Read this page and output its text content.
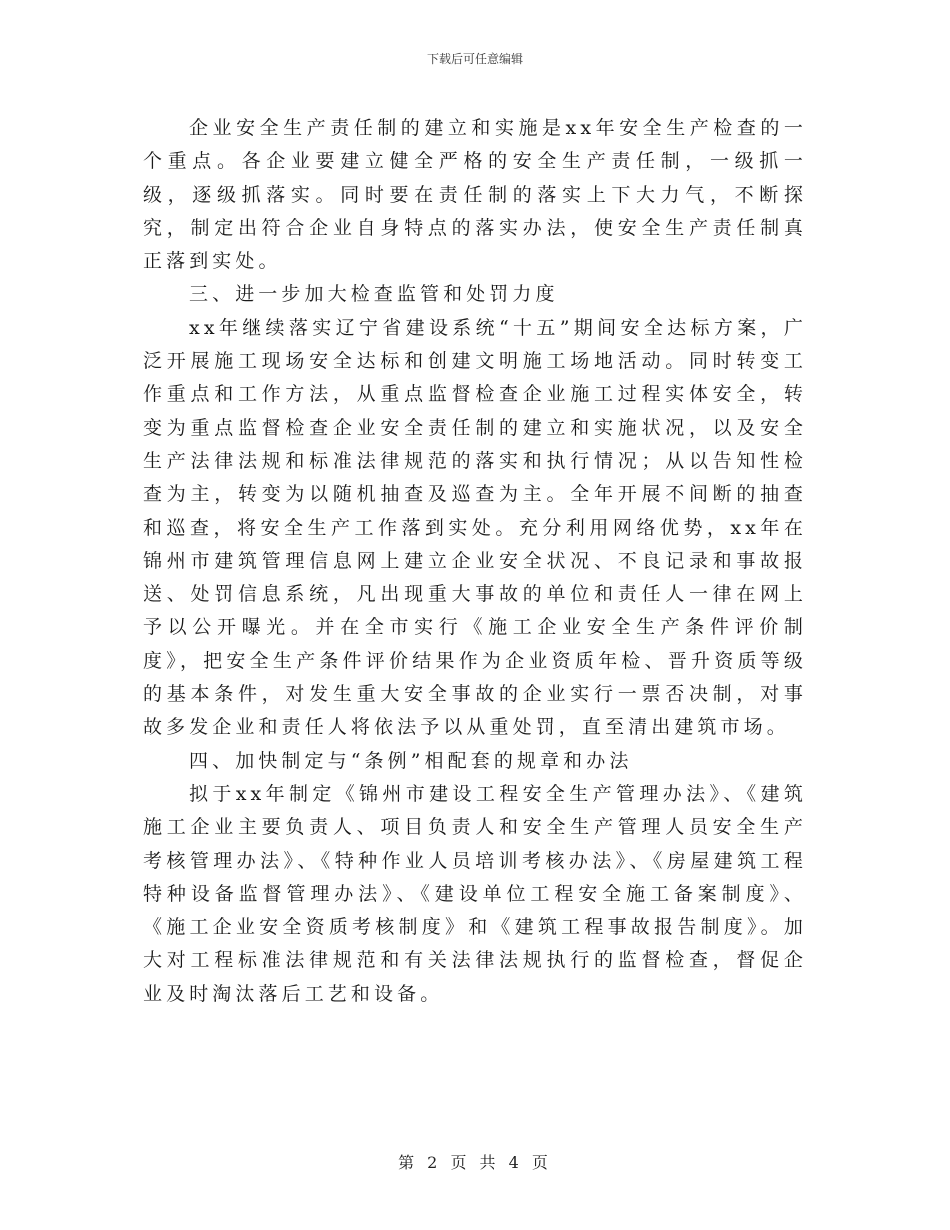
下载后可任意编辑

企业安全生产责任制的建立和实施是xx年安全生产检查的一个重点。各企业要建立健全严格的安全生产责任制，一级抓一级，逐级抓落实。同时要在责任制的落实上下大力气，不断探究，制定出符合企业自身特点的落实办法，使安全生产责任制真正落到实处。

三、进一步加大检查监管和处罚力度

xx年继续落实辽宁省建设系统“十五”期间安全达标方案，广泛开展施工现场安全达标和创建文明施工场地活动。同时转变工作重点和工作方法，从重点监督检查企业施工过程实体安全，转变为重点监督检查企业安全责任制的建立和实施状况，以及安全生产法律法规和标准法律规范的落实和执行情况；从以告知性检查为主，转变为以随机抽查及巡查为主。全年开展不间断的抽查和巡查，将安全生产工作落到实处。充分利用网络优势，xx年在锦州市建筑管理信息网上建立企业安全状况、不良记录和事故报送、处罚信息系统，凡出现重大事故的单位和责任人一律在网上予以公开曝光。并在全市实行《施工企业安全生产条件评价制度》，把安全生产条件评价结果作为企业资质年检、晋升资质等级的基本条件，对发生重大安全事故的企业实行一票否决制，对事故多发企业和责任人将依法予以从重处罚，直至清出建筑市场。

四、加快制定与“条例”相配套的规章和办法

拟于xx年制定《锦州市建设工程安全生产管理办法》、《建筑施工企业主要负责人、项目负责人和安全生产管理人员安全生产考核管理办法》、《特种作业人员培训考核办法》、《房屋建筑工程特种设备监督管理办法》、《建设单位工程安全施工备案制度》、《施工企业安全资质考核制度》和《建筑工程事故报告制度》。加大对工程标准法律规范和有关法律法规执行的监督检查，督促企业及时淘汰落后工艺和设备。

第 2 页 共 4 页
